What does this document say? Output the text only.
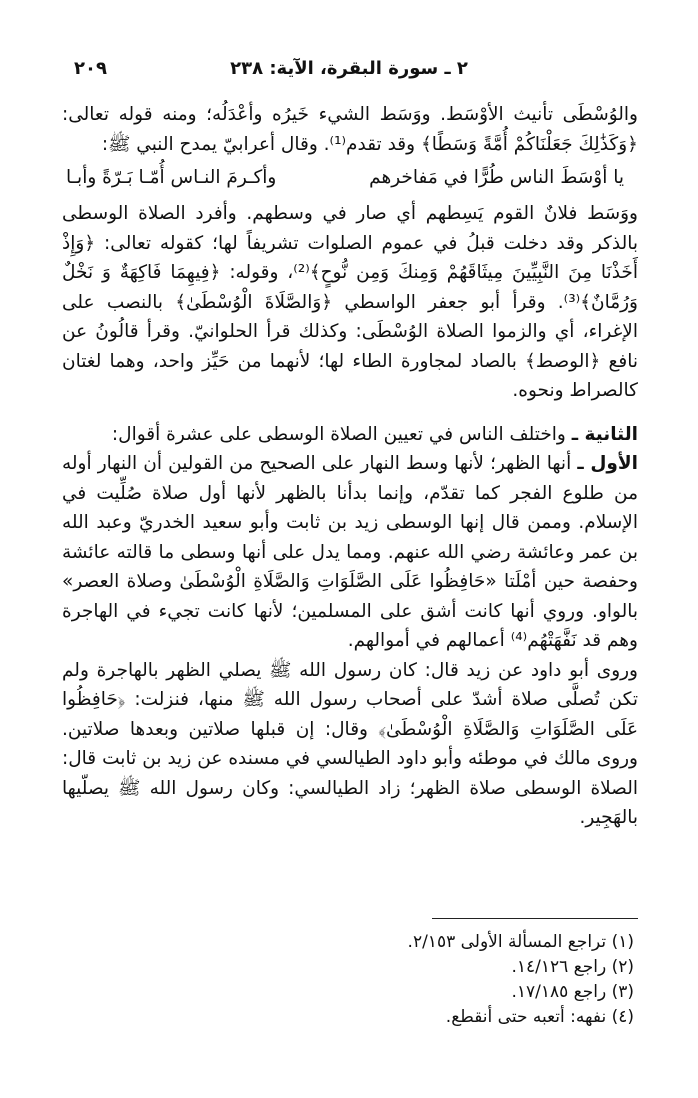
٢ ـ سورة البقرة، الآية: ٢٣٨
٢٠٩

والوُسْطَى تأنيث الأوْسَط. ووَسَط الشيء خَيرُه وأعْدَلُه؛ ومنه قوله تعالى: ﴿وَكَذَٰلِكَ جَعَلْنَاكُمْ أُمَّةً وَسَطًا﴾ وقد تقدم⁽¹⁾. وقال أعرابيّ يمدح النبي ﷺ:

يا أوْسَطَ الناس طُرًّا في مَفاخرهم
وأكـرمَ النـاس أُمّـا بَـرّةً وأبـا

ووَسَط فلانٌ القوم يَسِطهم أي صار في وسطهم. وأفرد الصلاة الوسطى بالذكر وقد دخلت قبلُ في عموم الصلوات تشريفاً لها؛ كقوله تعالى: ﴿وَإِذْ أَخَذْنَا مِنَ النَّبِيِّينَ مِيثَاقَهُمْ وَمِنكَ وَمِن نُّوحٍ﴾⁽²⁾، وقوله: ﴿فِيهِمَا فَاكِهَةٌ وَ نَخْلٌ وَرُمَّانٌ﴾⁽³⁾. وقرأ أبو جعفر الواسطي ﴿وَالصَّلَاةَ الْوُسْطَىٰ﴾ بالنصب على الإغراء، أي والزموا الصلاة الوُسْطَى: وكذلك قرأ الحلوانيّ. وقرأ قالُونُ عن نافع ﴿الوصط﴾ بالصاد لمجاورة الطاء لها؛ لأنهما من حَيِّز واحد، وهما لغتان كالصراط ونحوه.

الثانية ـ واختلف الناس في تعيين الصلاة الوسطى على عشرة أقوال:

الأول ـ أنها الظهر؛ لأنها وسط النهار على الصحيح من القولين أن النهار أوله من طلوع الفجر كما تقدّم، وإنما بدأنا بالظهر لأنها أول صلاة صُلِّيت في الإسلام. وممن قال إنها الوسطى زيد بن ثابت وأبو سعيد الخدريّ وعبد الله بن عمر وعائشة رضي الله عنهم. ومما يدل على أنها وسطى ما قالته عائشة وحفصة حين أمْلَتا «حَافِظُوا عَلَى الصَّلَوَاتِ وَالصَّلَاةِ الْوُسْطَىٰ وصلاة العصر» بالواو. وروي أنها كانت أشق على المسلمين؛ لأنها كانت تجيء في الهاجرة وهم قد نَفَّهَتْهُم⁽⁴⁾ أعمالهم في أموالهم.

وروى أبو داود عن زيد قال: كان رسول الله ﷺ يصلي الظهر بالهاجرة ولم تكن تُصلَّى صلاة أشدّ على أصحاب رسول الله ﷺ منها، فنزلت: ﴿حَافِظُوا عَلَى الصَّلَوَاتِ وَالصَّلَاةِ الْوُسْطَىٰ﴾ وقال: إن قبلها صلاتين وبعدها صلاتين. وروى مالك في موطئه وأبو داود الطيالسي في مسنده عن زيد بن ثابت قال: الصلاة الوسطى صلاة الظهر؛ زاد الطيالسي: وكان رسول الله ﷺ يصلّيها بالهَجِير.

(١) تراجع المسألة الأولى ٢/١٥٣.
(٢) راجع ١٤/١٢٦.
(٣) راجع ١٧/١٨٥.
(٤) نفهه: أتعبه حتى أنقطع.
